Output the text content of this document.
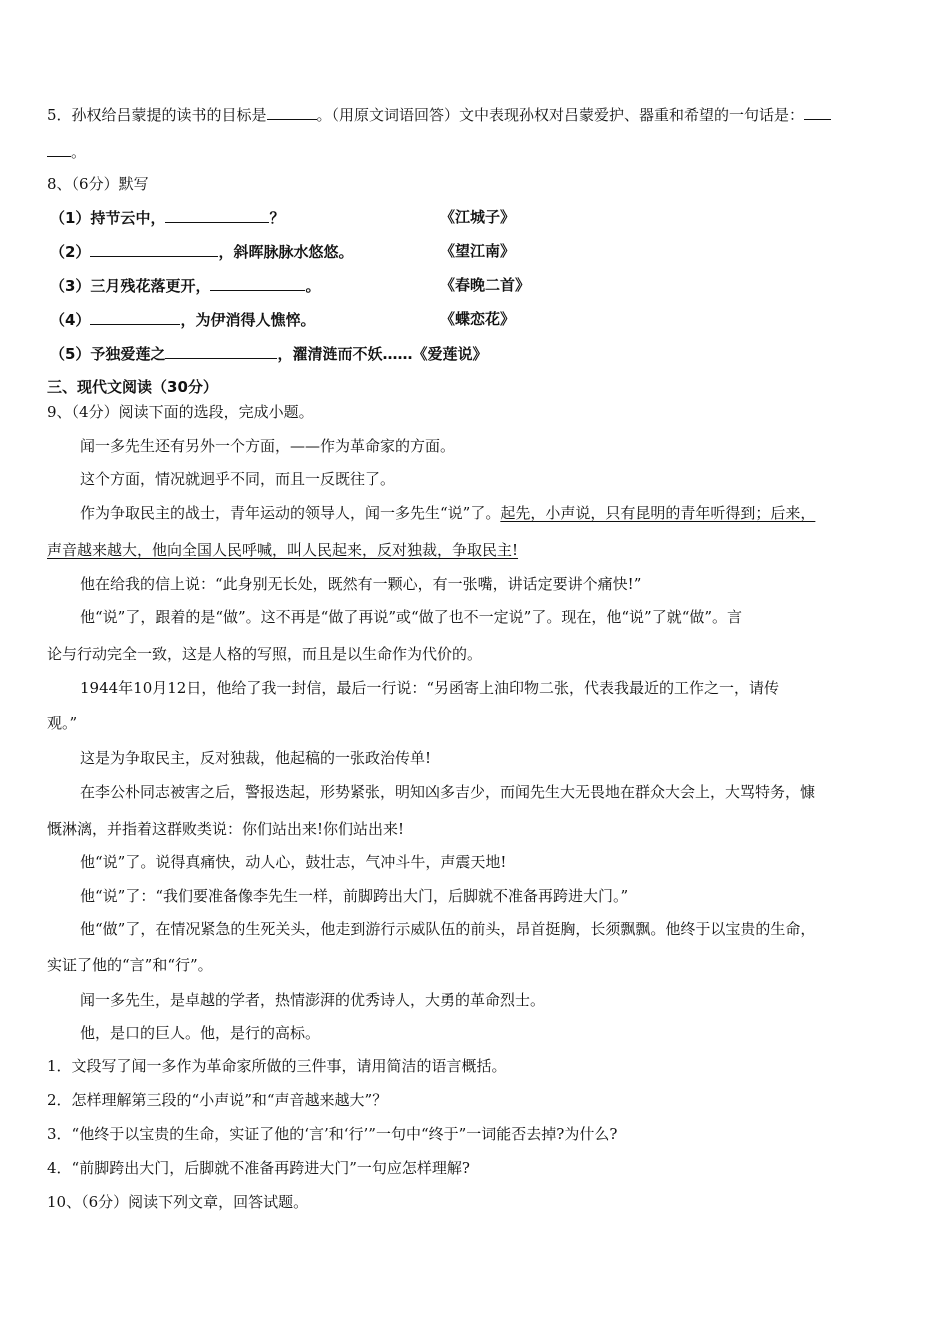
5．孙权给吕蒙提的读书的目标是	。（用原文词语回答）文中表现孙权对吕蒙爱护、器重和希望的一句话是：
。
8、（6分）默写
（1）持节云中，	？	《江城子》
（2）	，斜晖脉脉水悠悠。	《望江南》
（3）三月残花落更开，	。	《春晚二首》
（4）	，为伊消得人憔悴。	《蝶恋花》
（5）予独爱莲之	，濯清涟而不妖……《爱莲说》
三、现代文阅读（30分）
9、（4分）阅读下面的选段，完成小题。
闻一多先生还有另外一个方面，——作为革命家的方面。
这个方面，情况就迥乎不同，而且一反既往了。
作为争取民主的战士，青年运动的领导人，闻一多先生“说”了。起先，小声说，只有昆明的青年听得到；后来，
声音越来越大，他向全国人民呼喊，叫人民起来，反对独裁，争取民主!
他在给我的信上说：“此身别无长处，既然有一颗心，有一张嘴，讲话定要讲个痛快!”
他“说”了，跟着的是“做”。这不再是“做了再说”或“做了也不一定说”了。现在，他“说”了就“做”。言
论与行动完全一致，这是人格的写照，而且是以生命作为代价的。
1944年10月12日，他给了我一封信，最后一行说：“另函寄上油印物二张，代表我最近的工作之一，请传
观。”
这是为争取民主，反对独裁，他起稿的一张政治传单!
在李公朴同志被害之后，警报迭起，形势紧张，明知凶多吉少，而闻先生大无畏地在群众大会上，大骂特务，慷
慨淋漓，并指着这群败类说：你们站出来!你们站出来!
他“说”了。说得真痛快，动人心，鼓壮志，气冲斗牛，声震天地!
他“说”了：“我们要准备像李先生一样，前脚跨出大门，后脚就不准备再跨进大门。”
他“做”了，在情况紧急的生死关头，他走到游行示威队伍的前头，昂首挺胸，长须飘飘。他终于以宝贵的生命，
实证了他的“言”和“行”。
闻一多先生，是卓越的学者，热情澎湃的优秀诗人，大勇的革命烈士。
他，是口的巨人。他，是行的高标。
1．文段写了闻一多作为革命家所做的三件事，请用简洁的语言概括。
2．怎样理解第三段的“小声说”和“声音越来越大”？
3．“他终于以宝贵的生命，实证了他的‘言’和‘行’”一句中“终于”一词能否去掉?为什么?
4．“前脚跨出大门，后脚就不准备再跨进大门”一句应怎样理解?
10、（6分）阅读下列文章，回答试题。
